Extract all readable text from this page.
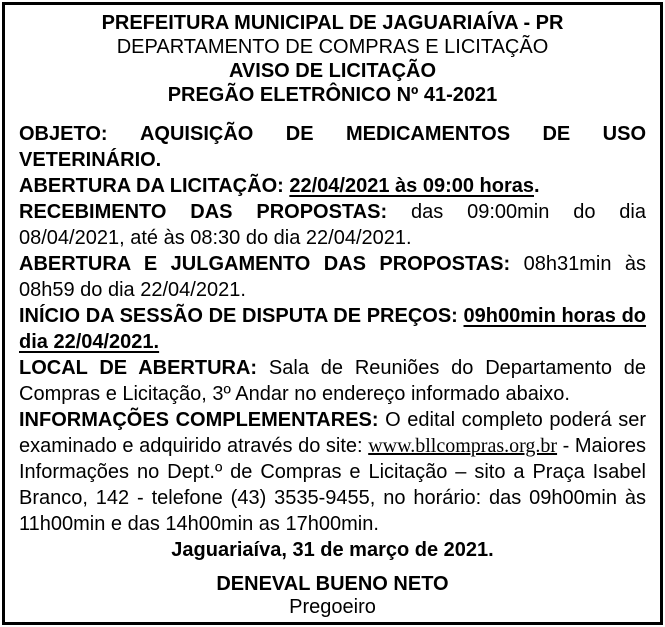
PREFEITURA MUNICIPAL DE JAGUARIAÍVA - PR
DEPARTAMENTO DE COMPRAS E LICITAÇÃO
AVISO DE LICITAÇÃO
PREGÃO ELETRÔNICO Nº 41-2021

OBJETO: AQUISIÇÃO DE MEDICAMENTOS DE USO VETERINÁRIO.

ABERTURA DA LICITAÇÃO: 22/04/2021 às 09:00 horas.

RECEBIMENTO DAS PROPOSTAS: das 09:00min do dia 08/04/2021, até às 08:30 do dia 22/04/2021.

ABERTURA E JULGAMENTO DAS PROPOSTAS: 08h31min às 08h59 do dia 22/04/2021.

INÍCIO DA SESSÃO DE DISPUTA DE PREÇOS: 09h00min horas do dia 22/04/2021.

LOCAL DE ABERTURA: Sala de Reuniões do Departamento de Compras e Licitação, 3º Andar no endereço informado abaixo.

INFORMAÇÕES COMPLEMENTARES: O edital completo poderá ser examinado e adquirido através do site: www.bllcompras.org.br - Maiores Informações no Dept.º de Compras e Licitação – sito a Praça Isabel Branco, 142 - telefone (43) 3535-9455, no horário: das 09h00min às 11h00min e das 14h00min as 17h00min.

Jaguariaíva, 31 de março de 2021.

DENEVAL BUENO NETO
Pregoeiro
